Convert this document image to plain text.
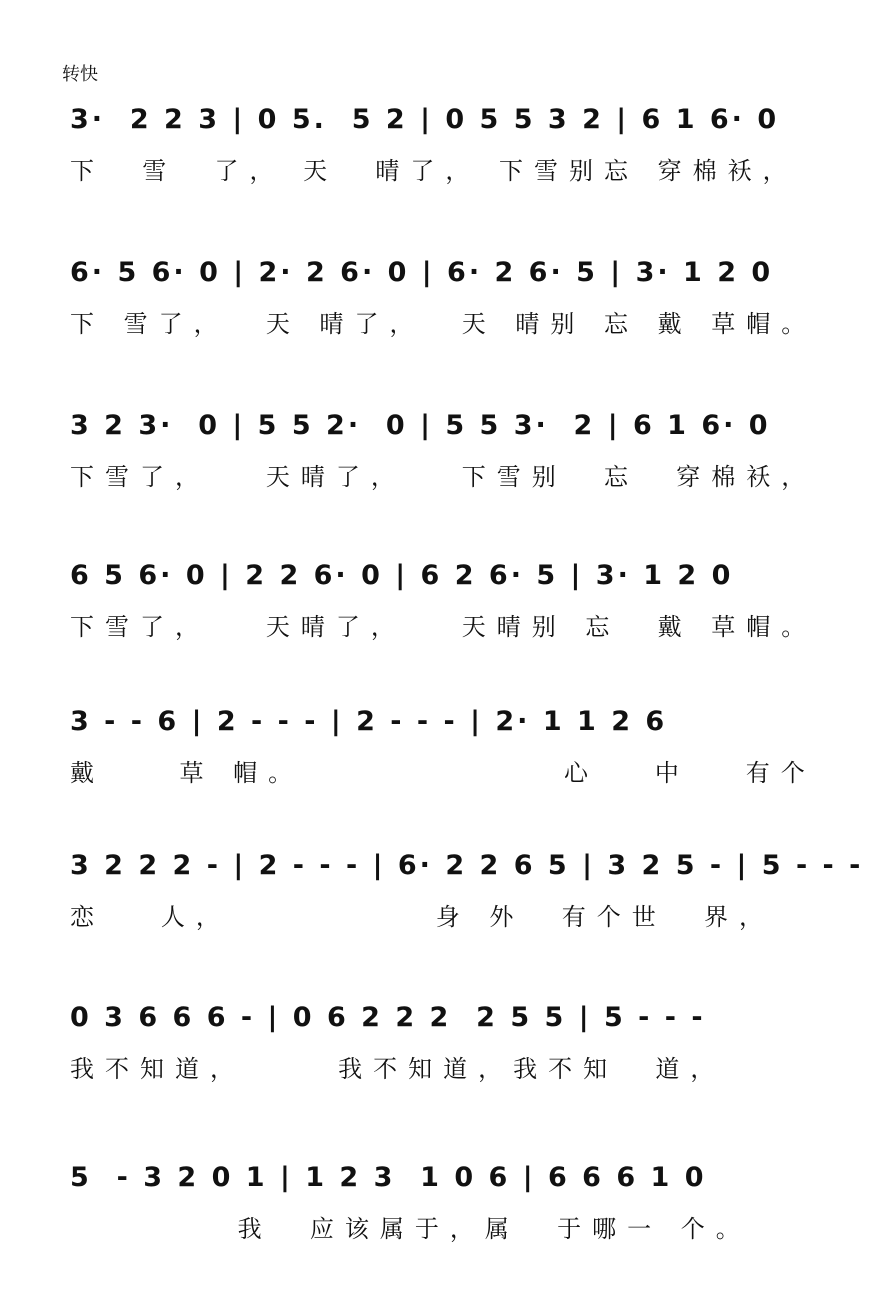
转快
3·  2 2 3 | 0 5.  5 2 | 0 5 5 3 2 | 6 1 6· 0
下  雪  了， 天  晴了， 下雪别忘 穿棉袄，
6· 5 6· 0 | 2· 2 6· 0 | 6· 2 6· 5 | 3· 1 2 0
下 雪了，  天 晴了，  天 晴别 忘 戴 草帽。
3 2 3·  0 | 5 5 2·  0 | 5 5 3·  2 | 6 1 6· 0
下雪了，   天晴了，   下雪别  忘  穿棉袄，
6 5 6· 0 | 2 2 6· 0 | 6 2 6· 5 | 3· 1 2 0
下雪了，   天晴了，   天晴别 忘  戴 草帽。
3 - - 6 | 2 - - - | 2 - - - | 2· 1 1 2 6
戴    草 帽。              心   中   有个
3 2 2 2 - | 2 - - - | 6· 2 2 6 5 | 3 2 5 - | 5 - - -
恋   人，           身 外  有个世  界，
0 3 6 6 6 - | 0 6 2 2 2  2 5 5 | 5 - - -
我不知道，     我不知道，我不知  道，
5  - 3 2 0 1 | 1 2 3  1 0 6 | 6 6 6 1 0
我  应该属于，属  于哪一 个。
